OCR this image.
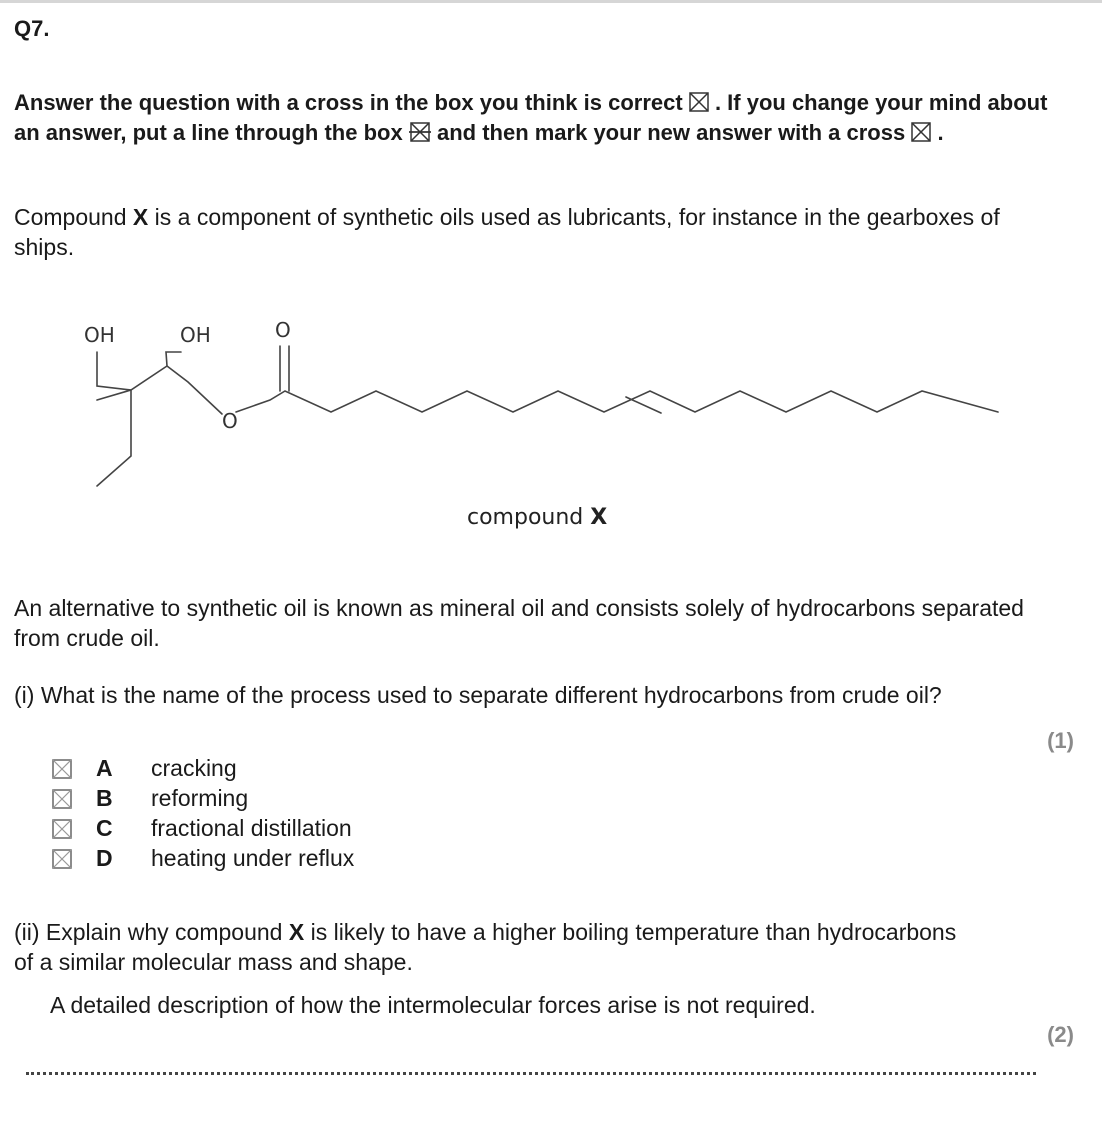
Q7.
Answer the question with a cross in the box you think is correct ☒ . If you change your mind about an answer, put a line through the box and then mark your new answer with a cross ☒ .
Compound X is a component of synthetic oils used as lubricants, for instance in the gearboxes of ships.
OH	OH	O
O
compound X
An alternative to synthetic oil is known as mineral oil and consists solely of hydrocarbons separated from crude oil.
(i) What is the name of the process used to separate different hydrocarbons from crude oil?
(1)
A cracking
B reforming
C fractional distillation
D heating under reflux
(ii) Explain why compound X is likely to have a higher boiling temperature than hydrocarbons of a similar molecular mass and shape.
A detailed description of how the intermolecular forces arise is not required.
(2)
